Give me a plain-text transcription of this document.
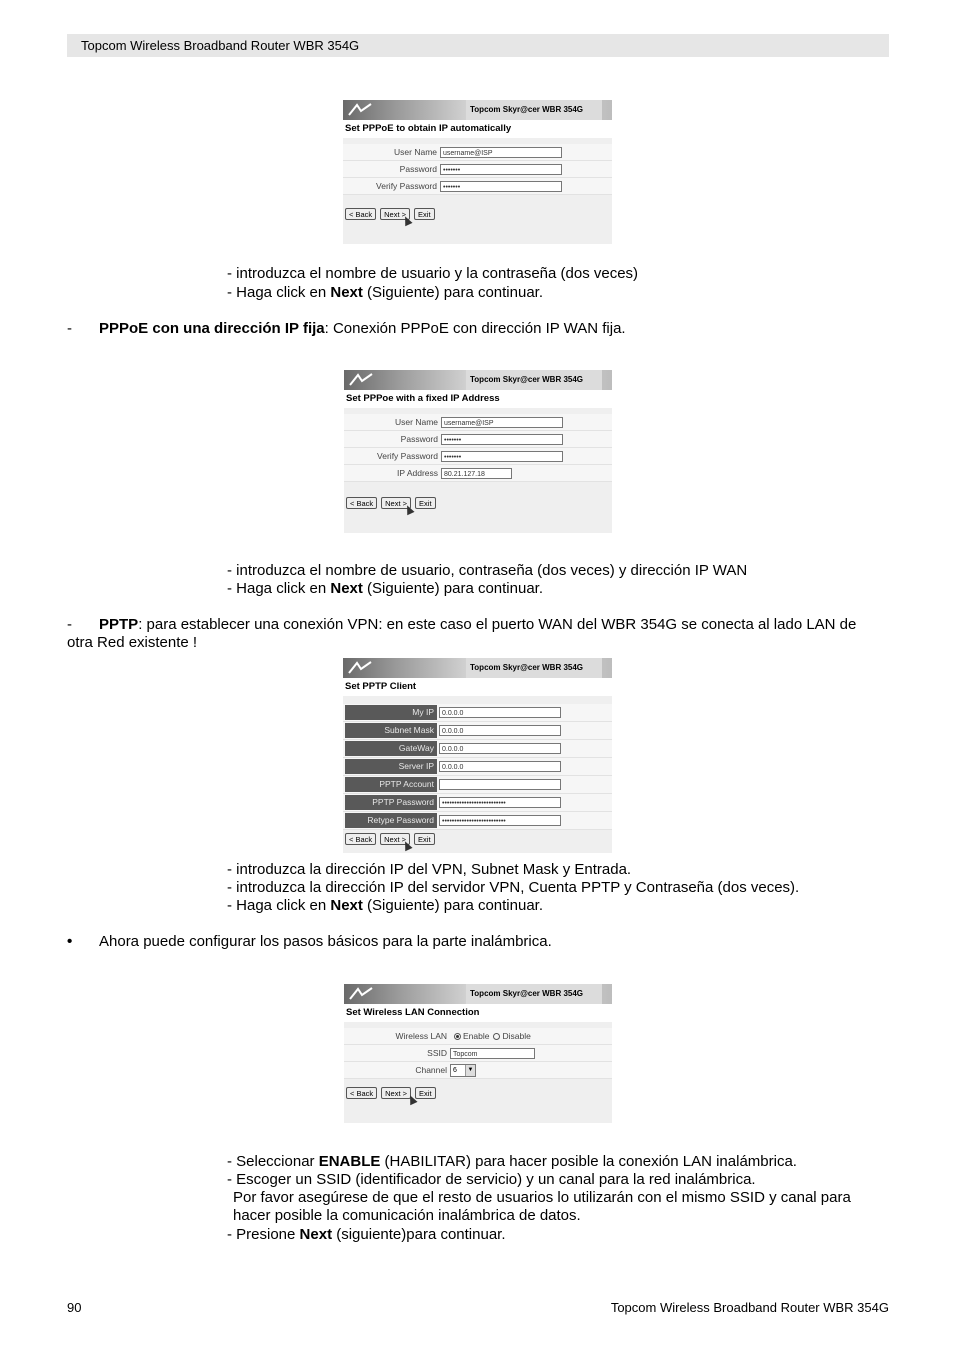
Topcom Wireless Broadband Router WBR 354G
Topcom Skyr@cer WBR 354G
Set PPPoE to obtain IP automatically
User Name username@ISP
Password •••••••
Verify Password •••••••
< Back	Next >	Exit
- introduzca el nombre de usuario y la contraseña (dos veces)
- Haga click en Next (Siguiente) para continuar.
- PPPoE con una dirección IP fija: Conexión PPPoE con dirección IP WAN fija.
Topcom Skyr@cer WBR 354G
Set PPPoe with a fixed IP Address
User Name username@ISP
Password •••••••
Verify Password •••••••
IP Address 80.21.127.18
< Back	Next >	Exit
- introduzca el nombre de usuario, contraseña (dos veces) y dirección IP WAN
- Haga click en Next (Siguiente) para continuar.
- PPTP: para establecer una conexión VPN: en este caso el puerto WAN del WBR 354G se conecta al lado LAN de
otra Red existente !
Topcom Skyr@cer WBR 354G
Set PPTP Client
My IP	0.0.0.0
Subnet Mask	0.0.0.0
GateWay	0.0.0.0
Server IP	0.0.0.0
PPTP Account
PPTP Password	••••••••••••••••••••••••••
Retype Password	••••••••••••••••••••••••••
< Back	Next >	Exit
- introduzca la dirección IP del VPN, Subnet Mask y Entrada.
- introduzca la dirección IP del servidor VPN, Cuenta PPTP y Contraseña (dos veces).
- Haga click en Next (Siguiente) para continuar.
• Ahora puede configurar los pasos básicos para la parte inalámbrica.
Topcom Skyr@cer WBR 354G
Set Wireless LAN Connection
Wireless LAN	Enable Disable
SSID Topcom
Channel 6	▼
< Back	Next >	Exit
- Seleccionar ENABLE (HABILITAR) para hacer posible la conexión LAN inalámbrica.
- Escoger un SSID (identificador de servicio) y un canal para la red inalámbrica.
Por favor asegúrese de que el resto de usuarios lo utilizarán con el mismo SSID y canal para
hacer posible la comunicación inalámbrica de datos.
- Presione Next (siguiente)para continuar.
90	Topcom Wireless Broadband Router WBR 354G
